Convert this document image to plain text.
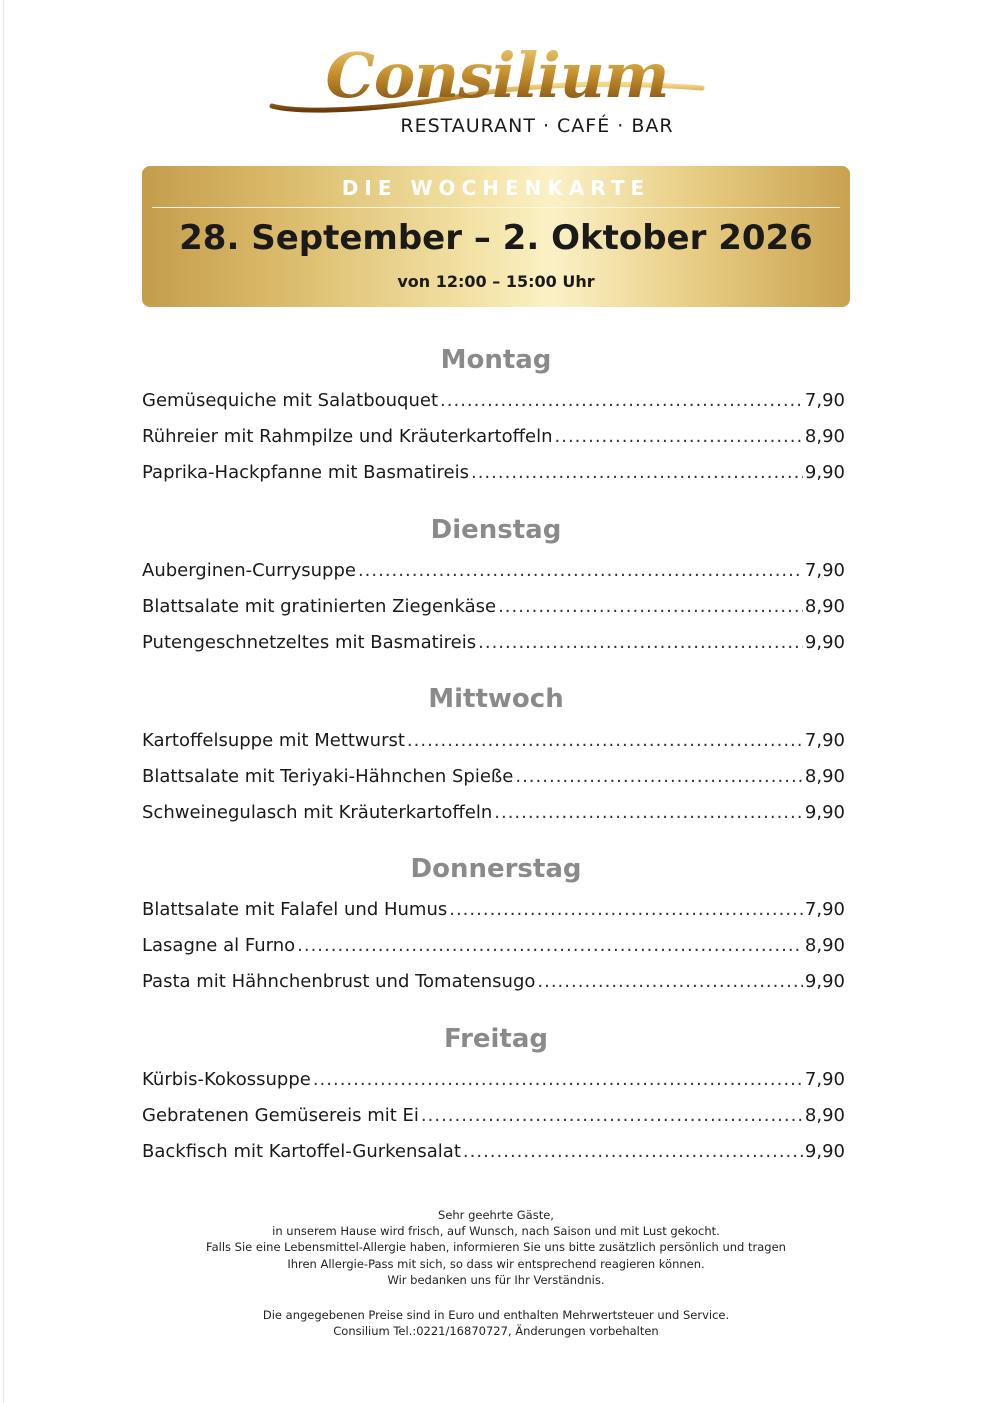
Consilium
RESTAURANT · CAFÉ · BAR
DIE WOCHENKARTE
28. September – 2. Oktober 2026
von 12:00 – 15:00 Uhr
Montag
Gemüsequiche mit Salatbouquet .....	7,90
Rühreier mit Rahmpilze und Kräuterkartoffeln .....	8,90
Paprika-Hackpfanne mit Basmatireis .....	9,90
Dienstag
Auberginen-Currysuppe .....	7,90
Blattsalate mit gratinierten Ziegenkäse .....	8,90
Putengeschnetzeltes mit Basmatireis .....	9,90
Mittwoch
Kartoffelsuppe mit Mettwurst .....	7,90
Blattsalate mit Teriyaki-Hähnchen Spieße .....	8,90
Schweinegulasch mit Kräuterkartoffeln .....	9,90
Donnerstag
Blattsalate mit Falafel und Humus .....	7,90
Lasagne al Furno .....	8,90
Pasta mit Hähnchenbrust und Tomatensugo .....	9,90
Freitag
Kürbis-Kokossuppe .....	7,90
Gebratenen Gemüsereis mit Ei .....	8,90
Backfisch mit Kartoffel-Gurkensalat .....	9,90
Sehr geehrte Gäste,
in unserem Hause wird frisch, auf Wunsch, nach Saison und mit Lust gekocht.
Falls Sie eine Lebensmittel-Allergie haben, informieren Sie uns bitte zusätzlich persönlich und tragen
Ihren Allergie-Pass mit sich, so dass wir entsprechend reagieren können.
Wir bedanken uns für Ihr Verständnis.
Die angegebenen Preise sind in Euro und enthalten Mehrwertsteuer und Service.
Consilium Tel.:0221/16870727, Änderungen vorbehalten
